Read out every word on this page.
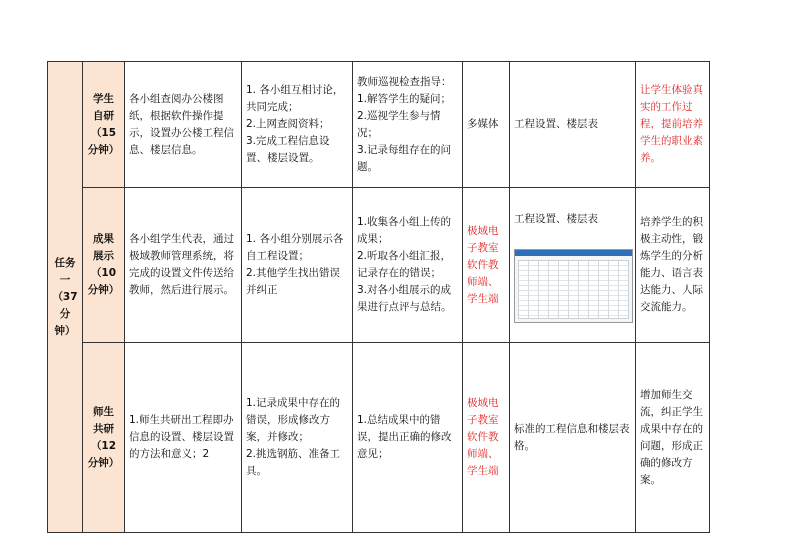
任务
一
（37
分
钟）	学生
自研
（15
分钟）	各小组查阅办公楼图纸，根据软件操作提示，设置办公楼工程信息、楼层信息。	1. 各小组互相讨论，共同完成；
2.上网查阅资料；
3.完成工程信息设置、楼层设置。	教师巡视检查指导：
1.解答学生的疑问；
2.巡视学生参与情况；
3.记录每组存在的问题。	多媒体	工程设置、楼层表	让学生体验真实的工作过程，提前培养学生的职业素养。
	成果
展示
（10
分钟）	各小组学生代表，通过极域教师管理系统，将完成的设置文件传送给教师，然后进行展示。	1. 各小组分别展示各自工程设置；
2.其他学生找出错误并纠正	1.收集各小组上传的成果；
2.听取各小组汇报，记录存在的错误；
3.对各小组展示的成果进行点评与总结。	极域电子教室软件教师端、学生端	工程设置、楼层表	培养学生的积极主动性，锻炼学生的分析能力、语言表达能力、人际交流能力。
	师生
共研
（12
分钟）	1.师生共研出工程即办信息的设置、楼层设置的方法和意义；2	1.记录成果中存在的错误，形成修改方案，并修改；
2.挑选钢筋、准备工具。	1.总结成果中的错误，提出正确的修改意见；	极域电子教室软件教师端、学生端	标准的工程信息和楼层表格。	增加师生交流，纠正学生成果中存在的问题，形成正确的修改方案。
